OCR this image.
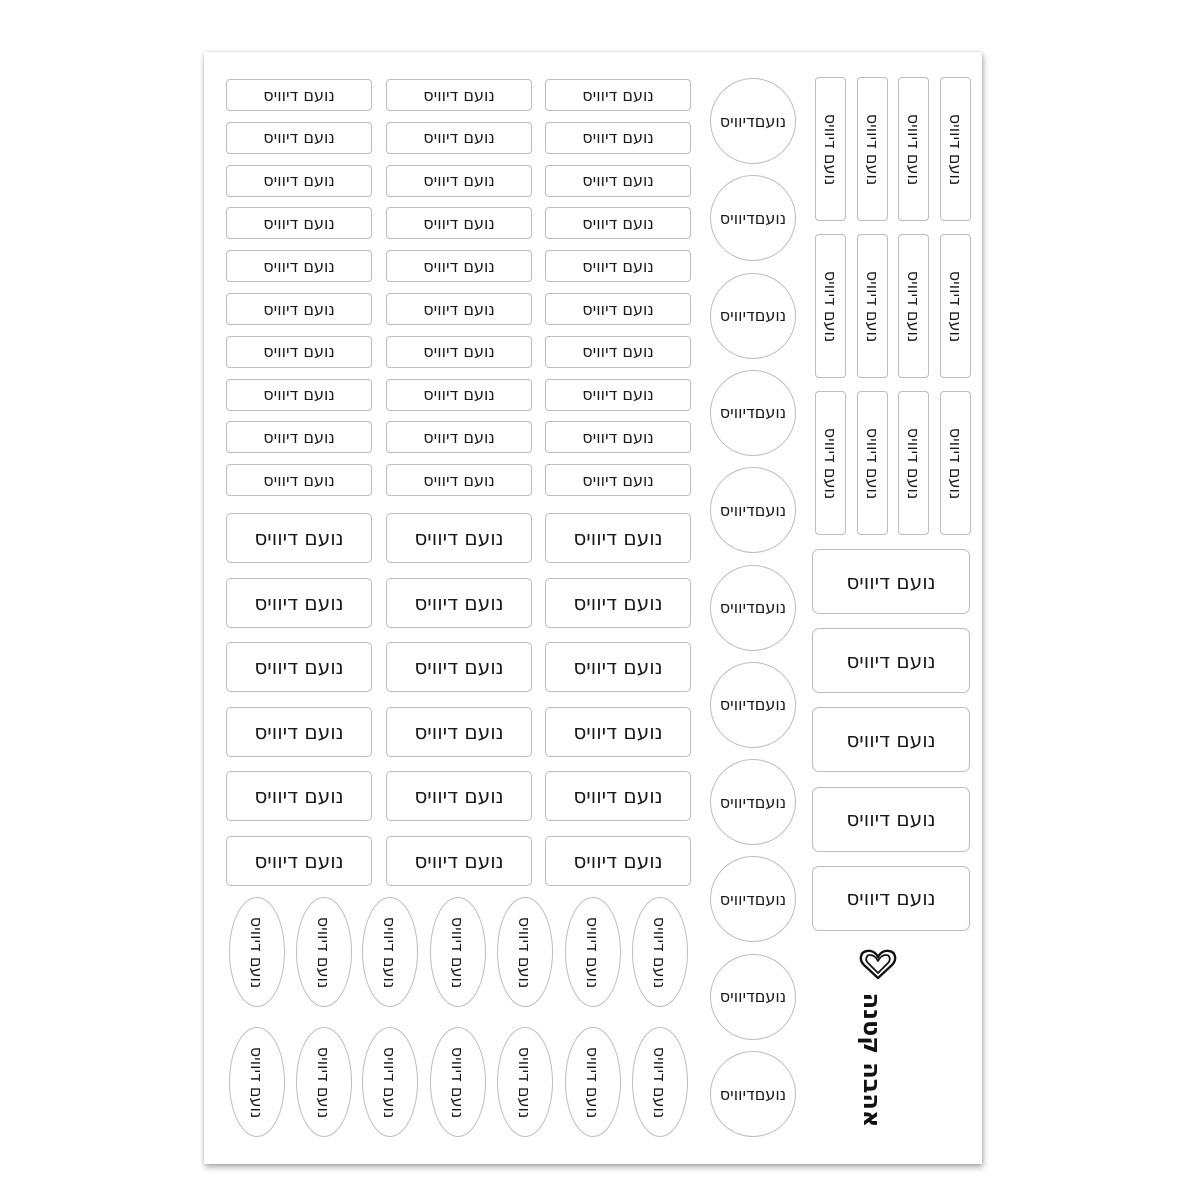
נועם דיוויס	נועם דיוויס	נועם דיוויס
נועם דיוויס	נועם דיוויס	נועם דיוויס
נועם דיוויס	נועם דיוויס	נועם דיוויס
נועם דיוויס	נועם דיוויס	נועם דיוויס
נועם דיוויס	נועם דיוויס	נועם דיוויס
נועם דיוויס	נועם דיוויס	נועם דיוויס
נועם דיוויס	נועם דיוויס	נועם דיוויס
נועם דיוויס	נועם דיוויס	נועם דיוויס
נועם דיוויס	נועם דיוויס	נועם דיוויס
נועם דיוויס	נועם דיוויס	נועם דיוויס
נועם דיוויס	נועם דיוויס	נועם דיוויס
נועם דיוויס	נועם דיוויס	נועם דיוויס
נועם דיוויס	נועם דיוויס	נועם דיוויס
נועם דיוויס	נועם דיוויס	נועם דיוויס
נועם דיוויס	נועם דיוויס	נועם דיוויס
נועם דיוויס	נועם דיוויס	נועם דיוויס
נועם דיוויס	נועם דיוויס	נועם דיוויס	נועם דיוויס	נועם דיוויס	נועם דיוויס	נועם דיוויס
נועם דיוויס	נועם דיוויס	נועם דיוויס	נועם דיוויס	נועם דיוויס	נועם דיוויס	נועם דיוויס
נועם
דיוויס
נועם
דיוויס
נועם
דיוויס
נועם
דיוויס
נועם
דיוויס
נועם
דיוויס
נועם
דיוויס
נועם
דיוויס
נועם
דיוויס
נועם
דיוויס
נועם
דיוויס
נועם דיוויס נועם דיוויס נועם דיוויס נועם דיוויס
נועם דיוויס נועם דיוויס נועם דיוויס נועם דיוויס
נועם דיוויס נועם דיוויס נועם דיוויס נועם דיוויס
נועם דיוויס
נועם דיוויס
נועם דיוויס
נועם דיוויס
נועם דיוויס
אהבה קטנה
